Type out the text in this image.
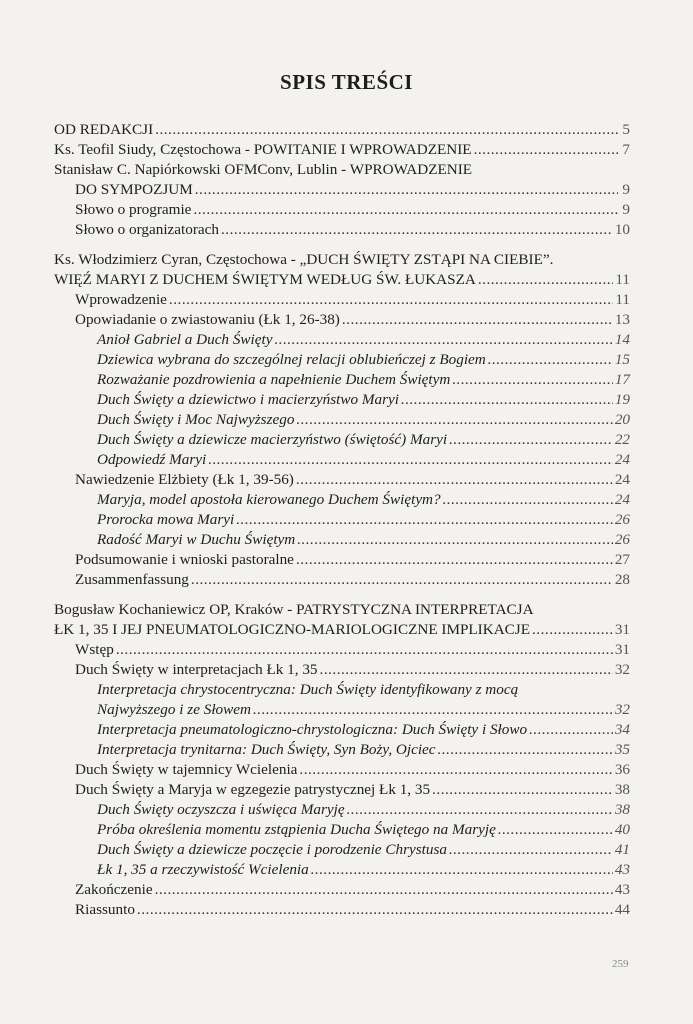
SPIS TREŚCI
OD REDAKCJI .....	5
Ks. Teofil Siudy, Częstochowa - POWITANIE I WPROWADZENIE .....	7
Stanisław C. Napiórkowski OFMConv, Lublin - WPROWADZENIE
DO SYMPOZJUM .....	9
Słowo o programie .....	9
Słowo o organizatorach .....	10
Ks. Włodzimierz Cyran, Częstochowa - „DUCH ŚWIĘTY ZSTĄPI NA CIEBIE”.
WIĘŹ MARYI Z DUCHEM ŚWIĘTYM WEDŁUG ŚW. ŁUKASZA .....	11
Wprowadzenie .....	11
Opowiadanie o zwiastowaniu (Łk 1, 26-38) .....	13
Anioł Gabriel a Duch Święty .....	14
Dziewica wybrana do szczególnej relacji oblubieńczej z Bogiem .....	15
Rozważanie pozdrowienia a napełnienie Duchem Świętym .....	17
Duch Święty a dziewictwo i macierzyństwo Maryi .....	19
Duch Święty i Moc Najwyższego .....	20
Duch Święty a dziewicze macierzyństwo (świętość) Maryi .....	22
Odpowiedź Maryi .....	24
Nawiedzenie Elżbiety (Łk 1, 39-56) .....	24
Maryja, model apostoła kierowanego Duchem Świętym? .....	24
Prorocka mowa Maryi .....	26
Radość Maryi w Duchu Świętym .....	26
Podsumowanie i wnioski pastoralne .....	27
Zusammenfassung .....	28
Bogusław Kochaniewicz OP, Kraków - PATRYSTYCZNA INTERPRETACJA
ŁK 1, 35 I JEJ PNEUMATOLOGICZNO-MARIOLOGICZNE IMPLIKACJE .....	31
Wstęp .....	31
Duch Święty w interpretacjach Łk 1, 35 .....	32
Interpretacja chrystocentryczna: Duch Święty identyfikowany z mocą
Najwyższego i ze Słowem .....	32
Interpretacja pneumatologiczno-chrystologiczna: Duch Święty i Słowo .....	34
Interpretacja trynitarna: Duch Święty, Syn Boży, Ojciec .....	35
Duch Święty w tajemnicy Wcielenia .....	36
Duch Święty a Maryja w egzegezie patrystycznej Łk 1, 35 .....	38
Duch Święty oczyszcza i uświęca Maryję .....	38
Próba określenia momentu zstąpienia Ducha Świętego na Maryję .....	40
Duch Święty a dziewicze poczęcie i porodzenie Chrystusa .....	41
Łk 1, 35 a rzeczywistość Wcielenia .....	43
Zakończenie .....	43
Riassunto .....	44
259
